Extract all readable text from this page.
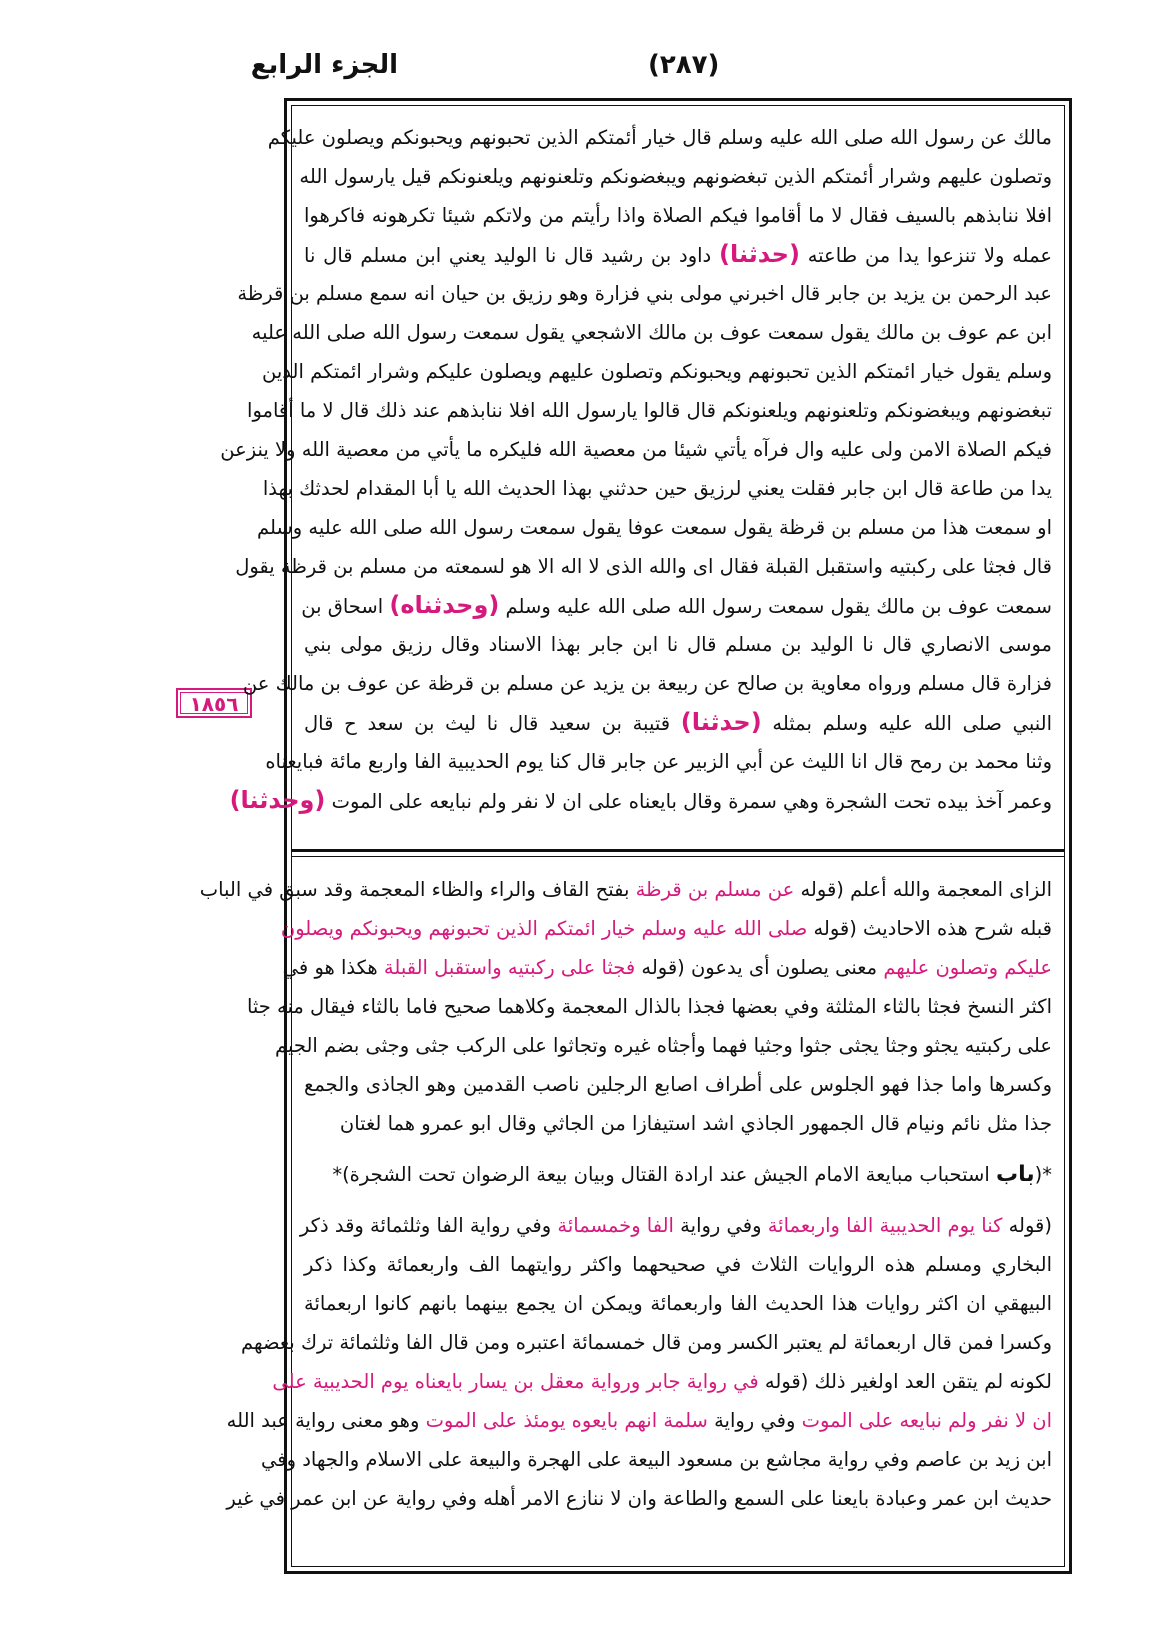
الجزء الرابع	(٢٨٧)
١٨٥٦
مالك عن رسول الله صلى الله عليه وسلم قال خيار أئمتكم الذين تحبونهم ويحبونكم ويصلون عليكم
وتصلون عليهم وشرار أئمتكم الذين تبغضونهم ويبغضونكم وتلعنونهم ويلعنونكم قيل يارسول الله
افلا ننابذهم بالسيف فقال لا ما أقاموا فيكم الصلاة واذا رأيتم من ولاتكم شيئا تكرهونه فاكرهوا
عمله ولا تنزعوا يدا من طاعته (حدثنا) داود بن رشيد قال نا الوليد يعني ابن مسلم قال نا
عبد الرحمن بن يزيد بن جابر قال اخبرني مولى بني فزارة وهو رزيق بن حيان انه سمع مسلم بن قرظة
ابن عم عوف بن مالك يقول سمعت عوف بن مالك الاشجعي يقول سمعت رسول الله صلى الله عليه
وسلم يقول خيار ائمتكم الذين تحبونهم ويحبونكم وتصلون عليهم ويصلون عليكم وشرار ائمتكم الذين
تبغضونهم ويبغضونكم وتلعنونهم ويلعنونكم قال قالوا يارسول الله افلا ننابذهم عند ذلك قال لا ما أقاموا
فيكم الصلاة الامن ولى عليه وال فرآه يأتي شيئا من معصية الله فليكره ما يأتي من معصية الله ولا ينزعن
يدا من طاعة قال ابن جابر فقلت يعني لرزيق حين حدثني بهذا الحديث الله يا أبا المقدام لحدثك بهذا
او سمعت هذا من مسلم بن قرظة يقول سمعت عوفا يقول سمعت رسول الله صلى الله عليه وسلم
قال فجثا على ركبتيه واستقبل القبلة فقال اى والله الذى لا اله الا هو لسمعته من مسلم بن قرظة يقول
سمعت عوف بن مالك يقول سمعت رسول الله صلى الله عليه وسلم (وحدثناه) اسحاق بن
موسى الانصاري قال نا الوليد بن مسلم قال نا ابن جابر بهذا الاسناد وقال رزيق مولى بني
فزارة قال مسلم ورواه معاوية بن صالح عن ربيعة بن يزيد عن مسلم بن قرظة عن عوف بن مالك عن
النبي صلى الله عليه وسلم بمثله (حدثنا) قتيبة بن سعيد قال نا ليث بن سعد ح قال
وثنا محمد بن رمح قال انا الليث عن أبي الزبير عن جابر قال كنا يوم الحديبية الفا واربع مائة فبايعناه
وعمر آخذ بيده تحت الشجرة وهي سمرة وقال بايعناه على ان لا نفر ولم نبايعه على الموت (وحدثنا)
الزاى المعجمة والله أعلم (قوله عن مسلم بن قرظة بفتح القاف والراء والظاء المعجمة وقد سبق في الباب
قبله شرح هذه الاحاديث (قوله صلى الله عليه وسلم خيار ائمتكم الذين تحبونهم ويحبونكم ويصلون
عليكم وتصلون عليهم معنى يصلون أى يدعون (قوله فجثا على ركبتيه واستقبل القبلة هكذا هو في
اكثر النسخ فجثا بالثاء المثلثة وفي بعضها فجذا بالذال المعجمة وكلاهما صحيح فاما بالثاء فيقال منه جثا
على ركبتيه يجثو وجثا يجثى جثوا وجثيا فهما وأجثاه غيره وتجاثوا على الركب جثى وجثى بضم الجيم
وكسرها واما جذا فهو الجلوس على أطراف اصابع الرجلين ناصب القدمين وهو الجاذى والجمع
جذا مثل نائم ونيام قال الجمهور الجاذي اشد استيفازا من الجاثي وقال ابو عمرو هما لغتان
*(باب استحباب مبايعة الامام الجيش عند ارادة القتال وبيان بيعة الرضوان تحت الشجرة)*
(قوله كنا يوم الحديبية الفا واربعمائة وفي رواية الفا وخمسمائة وفي رواية الفا وثلثمائة وقد ذكر
البخاري ومسلم هذه الروايات الثلاث في صحيحهما واكثر روايتهما الف واربعمائة وكذا ذكر
البيهقي ان اكثر روايات هذا الحديث الفا واربعمائة ويمكن ان يجمع بينهما بانهم كانوا اربعمائة
وكسرا فمن قال اربعمائة لم يعتبر الكسر ومن قال خمسمائة اعتبره ومن قال الفا وثلثمائة ترك بعضهم
لكونه لم يتقن العد اولغير ذلك (قوله في رواية جابر ورواية معقل بن يسار بايعناه يوم الحديبية على
ان لا نفر ولم نبايعه على الموت وفي رواية سلمة انهم بايعوه يومئذ على الموت وهو معنى رواية عبد الله
ابن زيد بن عاصم وفي رواية مجاشع بن مسعود البيعة على الهجرة والبيعة على الاسلام والجهاد وفي
حديث ابن عمر وعبادة بايعنا على السمع والطاعة وان لا ننازع الامر أهله وفي رواية عن ابن عمر في غير
